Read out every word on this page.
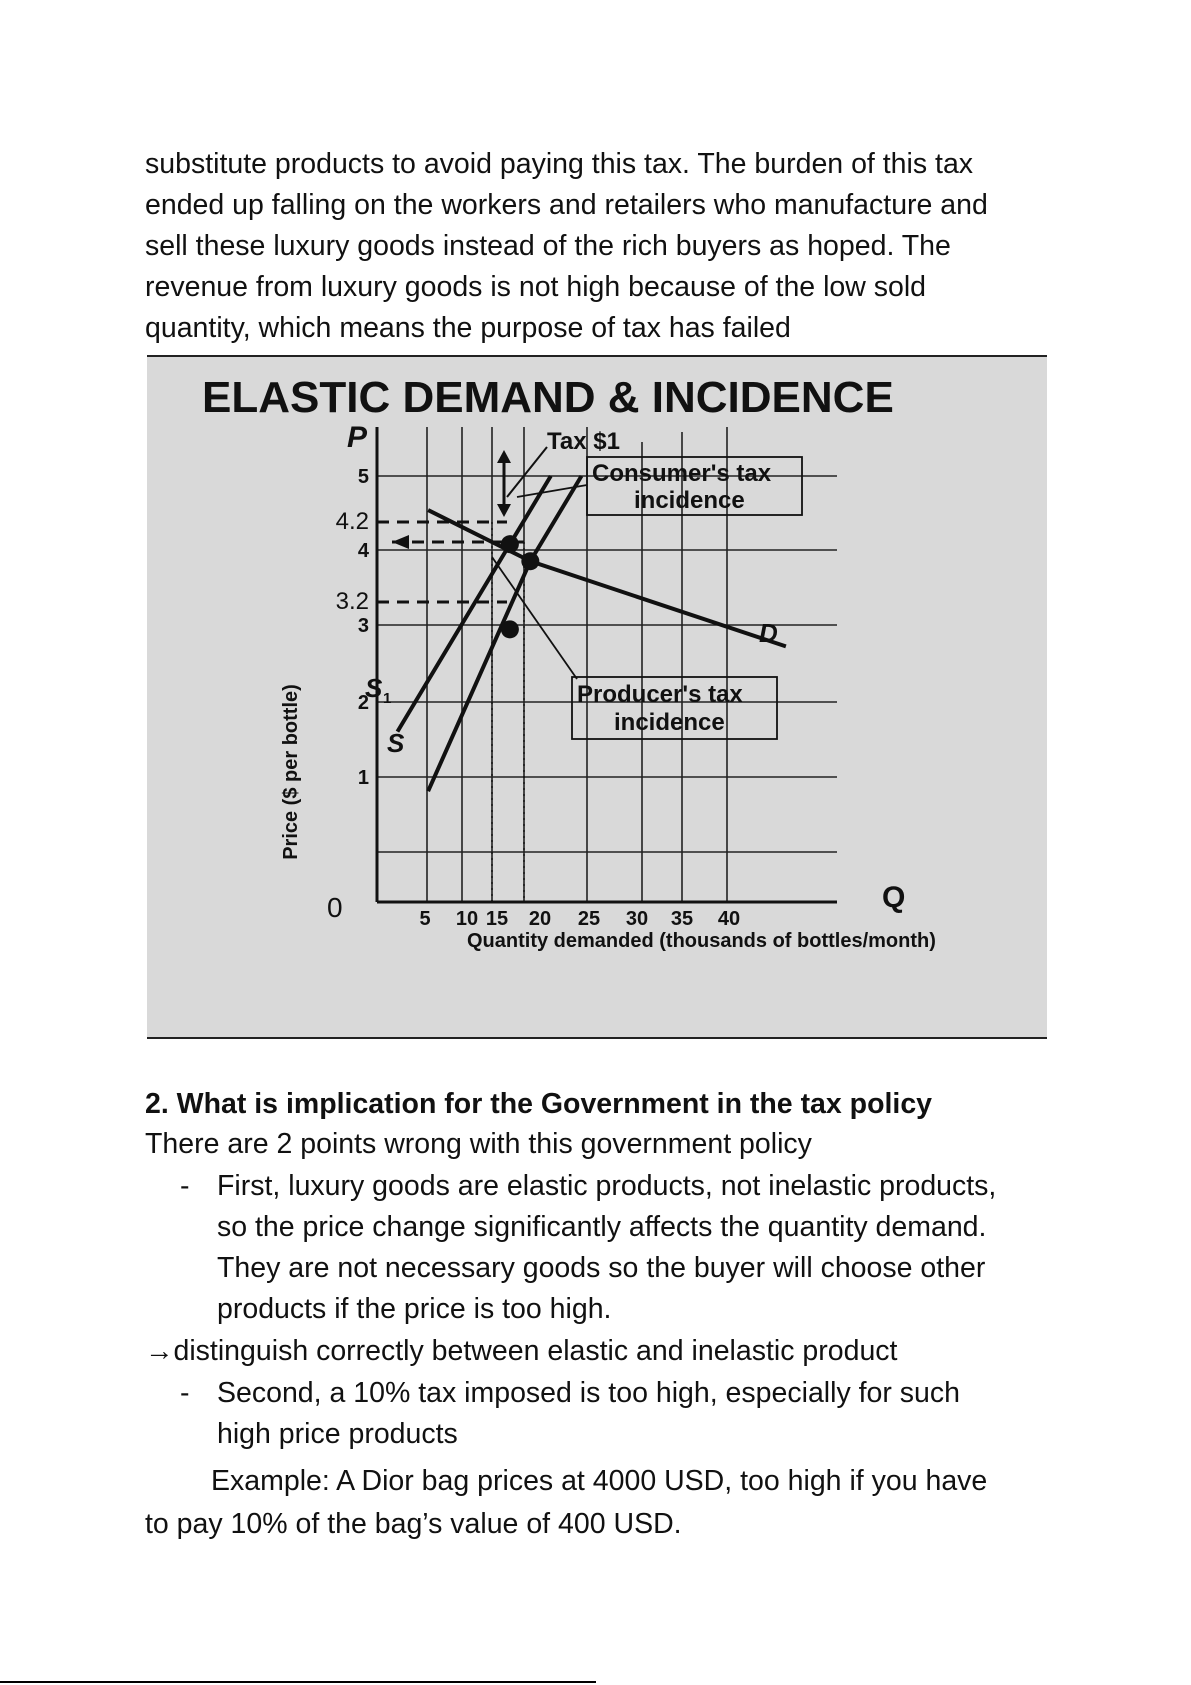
substitute products to avoid paying this tax. The burden of this tax

ended up falling on the workers and retailers who manufacture and

sell these luxury goods instead of the rich buyers as hoped. The

revenue from luxury goods is not high because of the low sold

quantity, which means the purpose of tax has failed

ELASTIC DEMAND & INCIDENCE
P
Q
0
5
4.2
4
3.2
3
2
1
5 10 15 20 25 30 35 40
Quantity demanded (thousands of bottles/month)
Price ($ per bottle)
Tax $1
Consumer's tax
incidence
Producer's tax
incidence
D
S
S 1
2. What is implication for the Government in the tax policy
There are 2 points wrong with this government policy
- First, luxury goods are elastic products, not inelastic products,
so the price change significantly affects the quantity demand.
They are not necessary goods so the buyer will choose other
products if the price is too high.
→distinguish correctly between elastic and inelastic product
- Second, a 10% tax imposed is too high, especially for such
high price products
Example: A Dior bag prices at 4000 USD, too high if you have
to pay 10% of the bag’s value of 400 USD.
